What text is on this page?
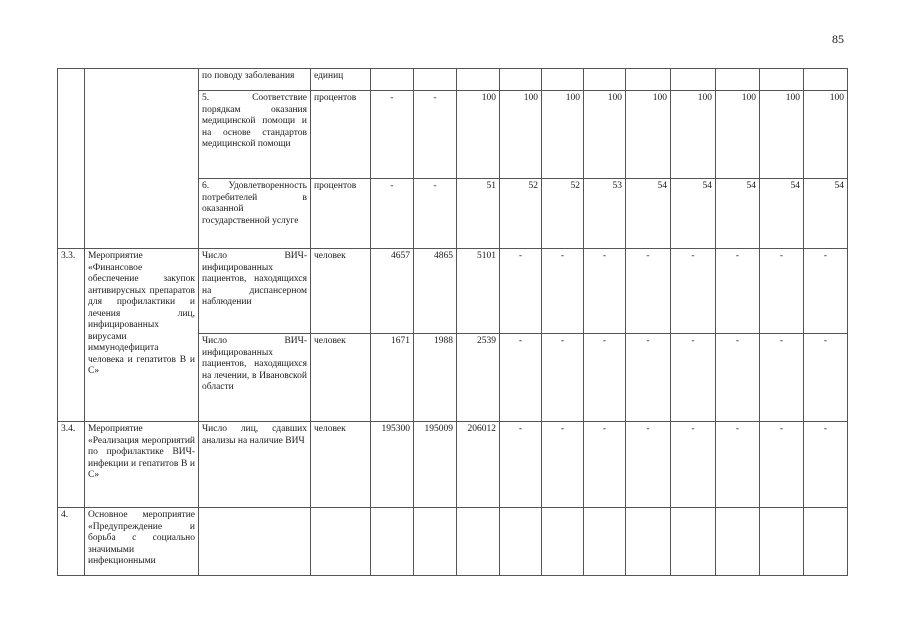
85
		по поводу заболевания	единиц											
		5. Соответствие порядкам оказания медицинской помощи и на основе стандартов медицинской помощи	процентов	-	-	100	100	100	100	100	100	100	100	100
		6. Удовлетворенность потребителей в оказанной государственной услуге	процентов	-	-	51	52	52	53	54	54	54	54	54
3.3.	Мероприятие «Финансовое обеспечение закупок антивирусных препаратов для профилактики и лечения лиц, инфицированных вирусами иммунодефицита человека и гепатитов В и С»	Число ВИЧ-инфицированных пациентов, находящихся на диспансерном наблюдении	человек	4657	4865	5101	-	-	-	-	-	-	-	-
		Число ВИЧ-инфицированных пациентов, находящихся на лечении, в Ивановской области	человек	1671	1988	2539	-	-	-	-	-	-	-	-
3.4.	Мероприятие «Реализация мероприятий по профилактике ВИЧ-инфекции и гепатитов В и С»	Число лиц, сдавших анализы на наличие ВИЧ	человек	195300	195009	206012	-	-	-	-	-	-	-	-
4.	Основное мероприятие «Предупреждение и борьба с социально значимыми инфекционными													
